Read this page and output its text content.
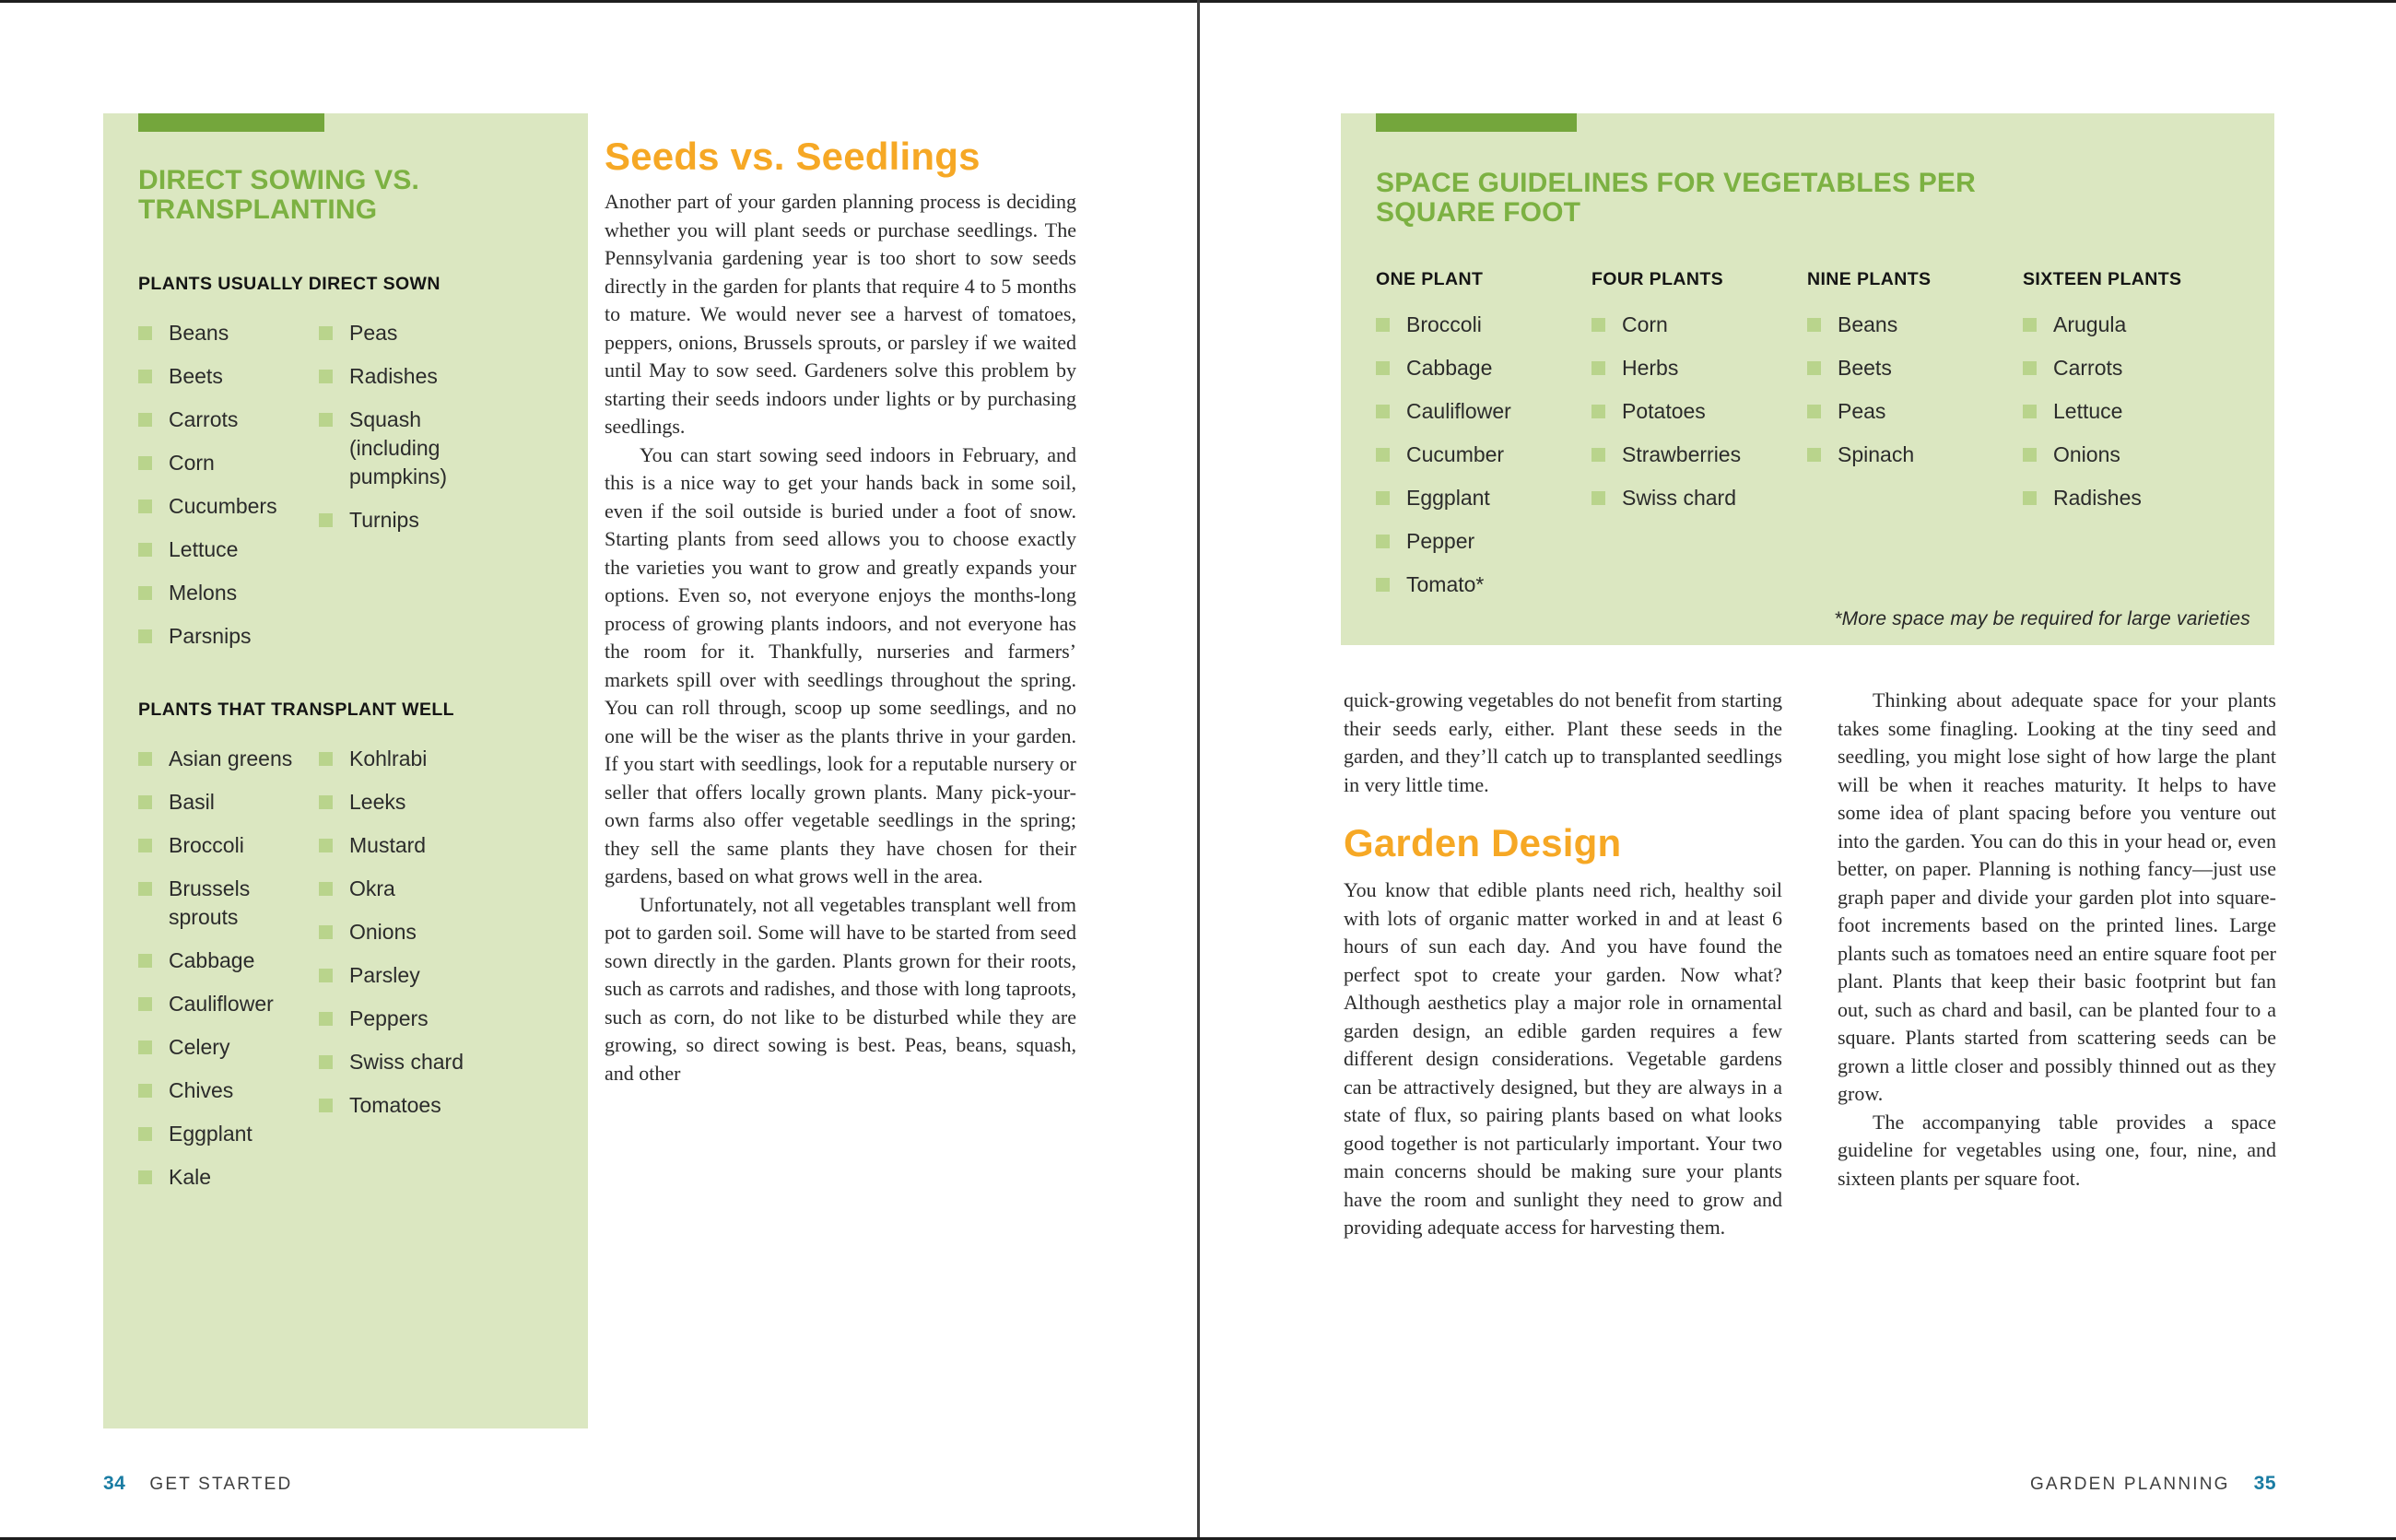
DIRECT SOWING VS. TRANSPLANTING
PLANTS USUALLY DIRECT SOWN
Beans
Beets
Carrots
Corn
Cucumbers
Lettuce
Melons
Parsnips
Peas
Radishes
Squash (including pumpkins)
Turnips
PLANTS THAT TRANSPLANT WELL
Asian greens
Basil
Broccoli
Brussels sprouts
Cabbage
Cauliflower
Celery
Chives
Eggplant
Kale
Kohlrabi
Leeks
Mustard
Okra
Onions
Parsley
Peppers
Swiss chard
Tomatoes
Seeds vs. Seedlings

Another part of your garden planning process is deciding whether you will plant seeds or purchase seedlings. The Pennsylvania gardening year is too short to sow seeds directly in the garden for plants that require 4 to 5 months to mature. We would never see a harvest of tomatoes, peppers, onions, Brussels sprouts, or parsley if we waited until May to sow seed. Gardeners solve this problem by starting their seeds indoors under lights or by purchasing seedlings.

You can start sowing seed indoors in February, and this is a nice way to get your hands back in some soil, even if the soil outside is buried under a foot of snow. Starting plants from seed allows you to choose exactly the varieties you want to grow and greatly expands your options. Even so, not everyone enjoys the months-long process of growing plants indoors, and not everyone has the room for it. Thankfully, nurseries and farmers’ markets spill over with seedlings throughout the spring. You can roll through, scoop up some seedlings, and no one will be the wiser as the plants thrive in your garden. If you start with seedlings, look for a reputable nursery or seller that offers locally grown plants. Many pick-your-own farms also offer vegetable seedlings in the spring; they sell the same plants they have chosen for their gardens, based on what grows well in the area.

Unfortunately, not all vegetables transplant well from pot to garden soil. Some will have to be started from seed sown directly in the garden. Plants grown for their roots, such as carrots and radishes, and those with long taproots, such as corn, do not like to be disturbed while they are growing, so direct sowing is best. Peas, beans, squash, and other

34 GET STARTED
SPACE GUIDELINES FOR VEGETABLES PER SQUARE FOOT
ONE PLANT
Broccoli
Cabbage
Cauliflower
Cucumber
Eggplant
Pepper
Tomato*
FOUR PLANTS
Corn
Herbs
Potatoes
Strawberries
Swiss chard
NINE PLANTS
Beans
Beets
Peas
Spinach
SIXTEEN PLANTS
Arugula
Carrots
Lettuce
Onions
Radishes
*More space may be required for large varieties

quick-growing vegetables do not benefit from starting their seeds early, either. Plant these seeds in the garden, and they’ll catch up to transplanted seedlings in very little time.

Garden Design

You know that edible plants need rich, healthy soil with lots of organic matter worked in and at least 6 hours of sun each day. And you have found the perfect spot to create your garden. Now what? Although aesthetics play a major role in ornamental garden design, an edible garden requires a few different design considerations. Vegetable gardens can be attractively designed, but they are always in a state of flux, so pairing plants based on what looks good together is not particularly important. Your two main concerns should be making sure your plants have the room and sunlight they need to grow and providing adequate access for harvesting them.

Thinking about adequate space for your plants takes some finagling. Looking at the tiny seed and seedling, you might lose sight of how large the plant will be when it reaches maturity. It helps to have some idea of plant spacing before you venture out into the garden. You can do this in your head or, even better, on paper. Planning is nothing fancy—just use graph paper and divide your garden plot into square-foot increments based on the printed lines. Large plants such as tomatoes need an entire square foot per plant. Plants that keep their basic footprint but fan out, such as chard and basil, can be planted four to a square. Plants started from scattering seeds can be grown a little closer and possibly thinned out as they grow.

The accompanying table provides a space guideline for vegetables using one, four, nine, and sixteen plants per square foot.

GARDEN PLANNING 35
